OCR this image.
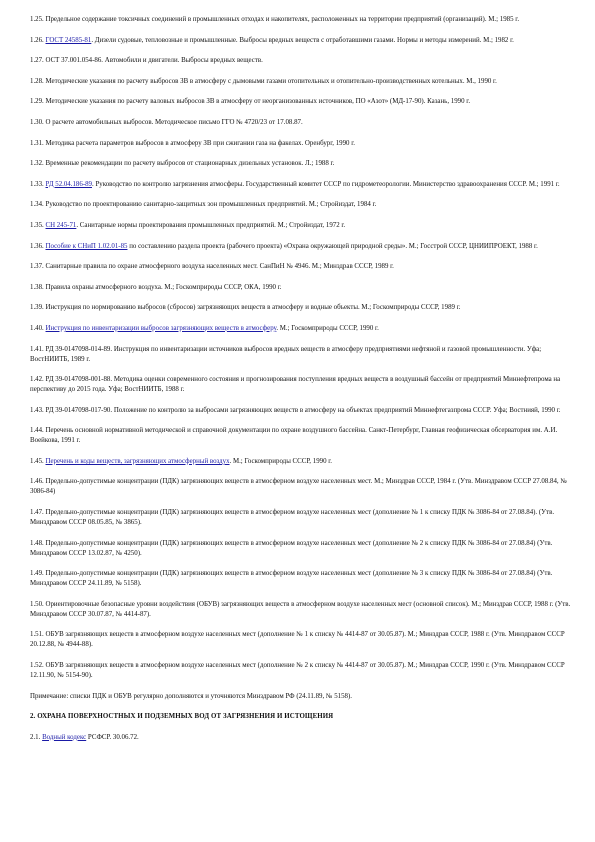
1.25. Предельное содержание токсичных соединений в промышленных отходах и накопителях, расположенных на территории предприятий (организаций). М.; 1985 г.

1.26. ГОСТ 24585-81. Дизели судовые, тепловозные и промышленные. Выбросы вредных веществ с отработавшими газами. Нормы и методы измерений. М.; 1982 г.

1.27. ОСТ 37.001.054-86. Автомобили и двигатели. Выбросы вредных веществ.

1.28. Методические указания по расчету выбросов ЗВ в атмосферу с дымовыми газами отопительных и отопительно-производственных котельных. М., 1990 г.

1.29. Методические указания по расчету валовых выбросов ЗВ в атмосферу от неорганизованных источников, ПО «Азот» (МД-17-90). Казань, 1990 г.

1.30. О расчете автомобильных выбросов. Методическое письмо ГГО № 4720/23 от 17.08.87.

1.31. Методика расчета параметров выбросов в атмосферу ЗВ при сжигании газа на факелах. Оренбург, 1990 г.

1.32. Временные рекомендации по расчету выбросов от стационарных дизельных установок. Л.; 1988 г.

1.33. РД 52.04.186-89. Руководство по контролю загрязнения атмосферы. Государственный комитет СССР по гидрометеорологии. Министерство здравоохранения СССР. М.; 1991 г.

1.34. Руководство по проектированию санитарно-защитных зон промышленных предприятий. М.; Стройиздат, 1984 г.

1.35. СН 245-71. Санитарные нормы проектирования промышленных предприятий. М.; Стройиздат, 1972 г.

1.36. Пособие к СНиП 1.02.01-85 по составлению раздела проекта (рабочего проекта) «Охрана окружающей природной среды». М.; Госстрой СССР, ЦНИИПРОЕКТ, 1988 г.

1.37. Санитарные правила по охране атмосферного воздуха населенных мест. СанПиН № 4946. М.; Минздрав СССР, 1989 г.

1.38. Правила охраны атмосферного воздуха. М.; Госкомприроды СССР, ОКА, 1990 г.

1.39. Инструкция по нормированию выбросов (сбросов) загрязняющих веществ в атмосферу и водные объекты. М.; Госкомприроды СССР, 1989 г.

1.40. Инструкция по инвентаризации выбросов загрязняющих веществ в атмосферу. М.; Госкомприроды СССР, 1990 г.

1.41. РД 39-0147098-014-89. Инструкция по инвентаризации источников выбросов вредных веществ в атмосферу предприятиями нефтяной и газовой промышленности. Уфа; ВостНИИТБ, 1989 г.

1.42. РД 39-0147098-001-88. Методика оценки современного состояния и прогнозирования поступления вредных веществ в воздушный бассейн от предприятий Миннефтепрома на перспективу до 2015 года. Уфа; ВостНИИТБ, 1988 г.

1.43. РД 39-0147098-017-90. Положение по контролю за выбросами загрязняющих веществ в атмосферу на объектах предприятий Миннефтегазпрома СССР. Уфа; Востнияй, 1990 г.

1.44. Перечень основной нормативной методической и справочной документации по охране воздушного бассейна. Санкт-Петербург, Главная геофизическая обсерватория им. А.И. Воейкова, 1991 г.

1.45. Перечень и коды веществ, загрязняющих атмосферный воздух. М.; Госкомприроды СССР, 1990 г.

1.46. Предельно-допустимые концентрации (ПДК) загрязняющих веществ в атмосферном воздухе населенных мест. М.; Минздрав СССР, 1984 г. (Утв. Минздравом СССР 27.08.84, № 3086-84)

1.47. Предельно-допустимые концентрации (ПДК) загрязняющих веществ в атмосферном воздухе населенных мест (дополнение № 1 к списку ПДК № 3086-84 от 27.08.84). (Утв. Минздравом СССР 08.05.85, № 3865).

1.48. Предельно-допустимые концентрации (ПДК) загрязняющих веществ в атмосферном воздухе населенных мест (дополнение № 2 к списку ПДК № 3086-84 от 27.08.84) (Утв. Минздравом СССР 13.02.87, № 4250).

1.49. Предельно-допустимые концентрации (ПДК) загрязняющих веществ в атмосферном воздухе населенных мест (дополнение № 3 к списку ПДК № 3086-84 от 27.08.84) (Утв. Минздравом СССР 24.11.89, № 5158).

1.50. Ориентировочные безопасные уровни воздействия (ОБУВ) загрязняющих веществ в атмосферном воздухе населенных мест (основной список). М.; Минздрав СССР, 1988 г. (Утв. Минздравом СССР 30.07.87, № 4414-87).

1.51. ОБУВ загрязняющих веществ в атмосферном воздухе населенных мест (дополнение № 1 к списку № 4414-87 от 30.05.87). М.; Минздрав СССР, 1988 г. (Утв. Минздравом СССР 20.12.88, № 4944-88).

1.52. ОБУВ загрязняющих веществ в атмосферном воздухе населенных мест (дополнение № 2 к списку № 4414-87 от 30.05.87). М.; Минздрав СССР, 1990 г. (Утв. Минздравом СССР 12.11.90, № 5154-90).

Примечание: списки ПДК и ОБУВ регулярно дополняются и уточняются Минздравом РФ (24.11.89, № 5158).

2. ОХРАНА ПОВЕРХНОСТНЫХ И ПОДЗЕМНЫХ ВОД ОТ ЗАГРЯЗНЕНИЯ И ИСТОЩЕНИЯ

2.1. Водный кодекс РСФСР. 30.06.72.
